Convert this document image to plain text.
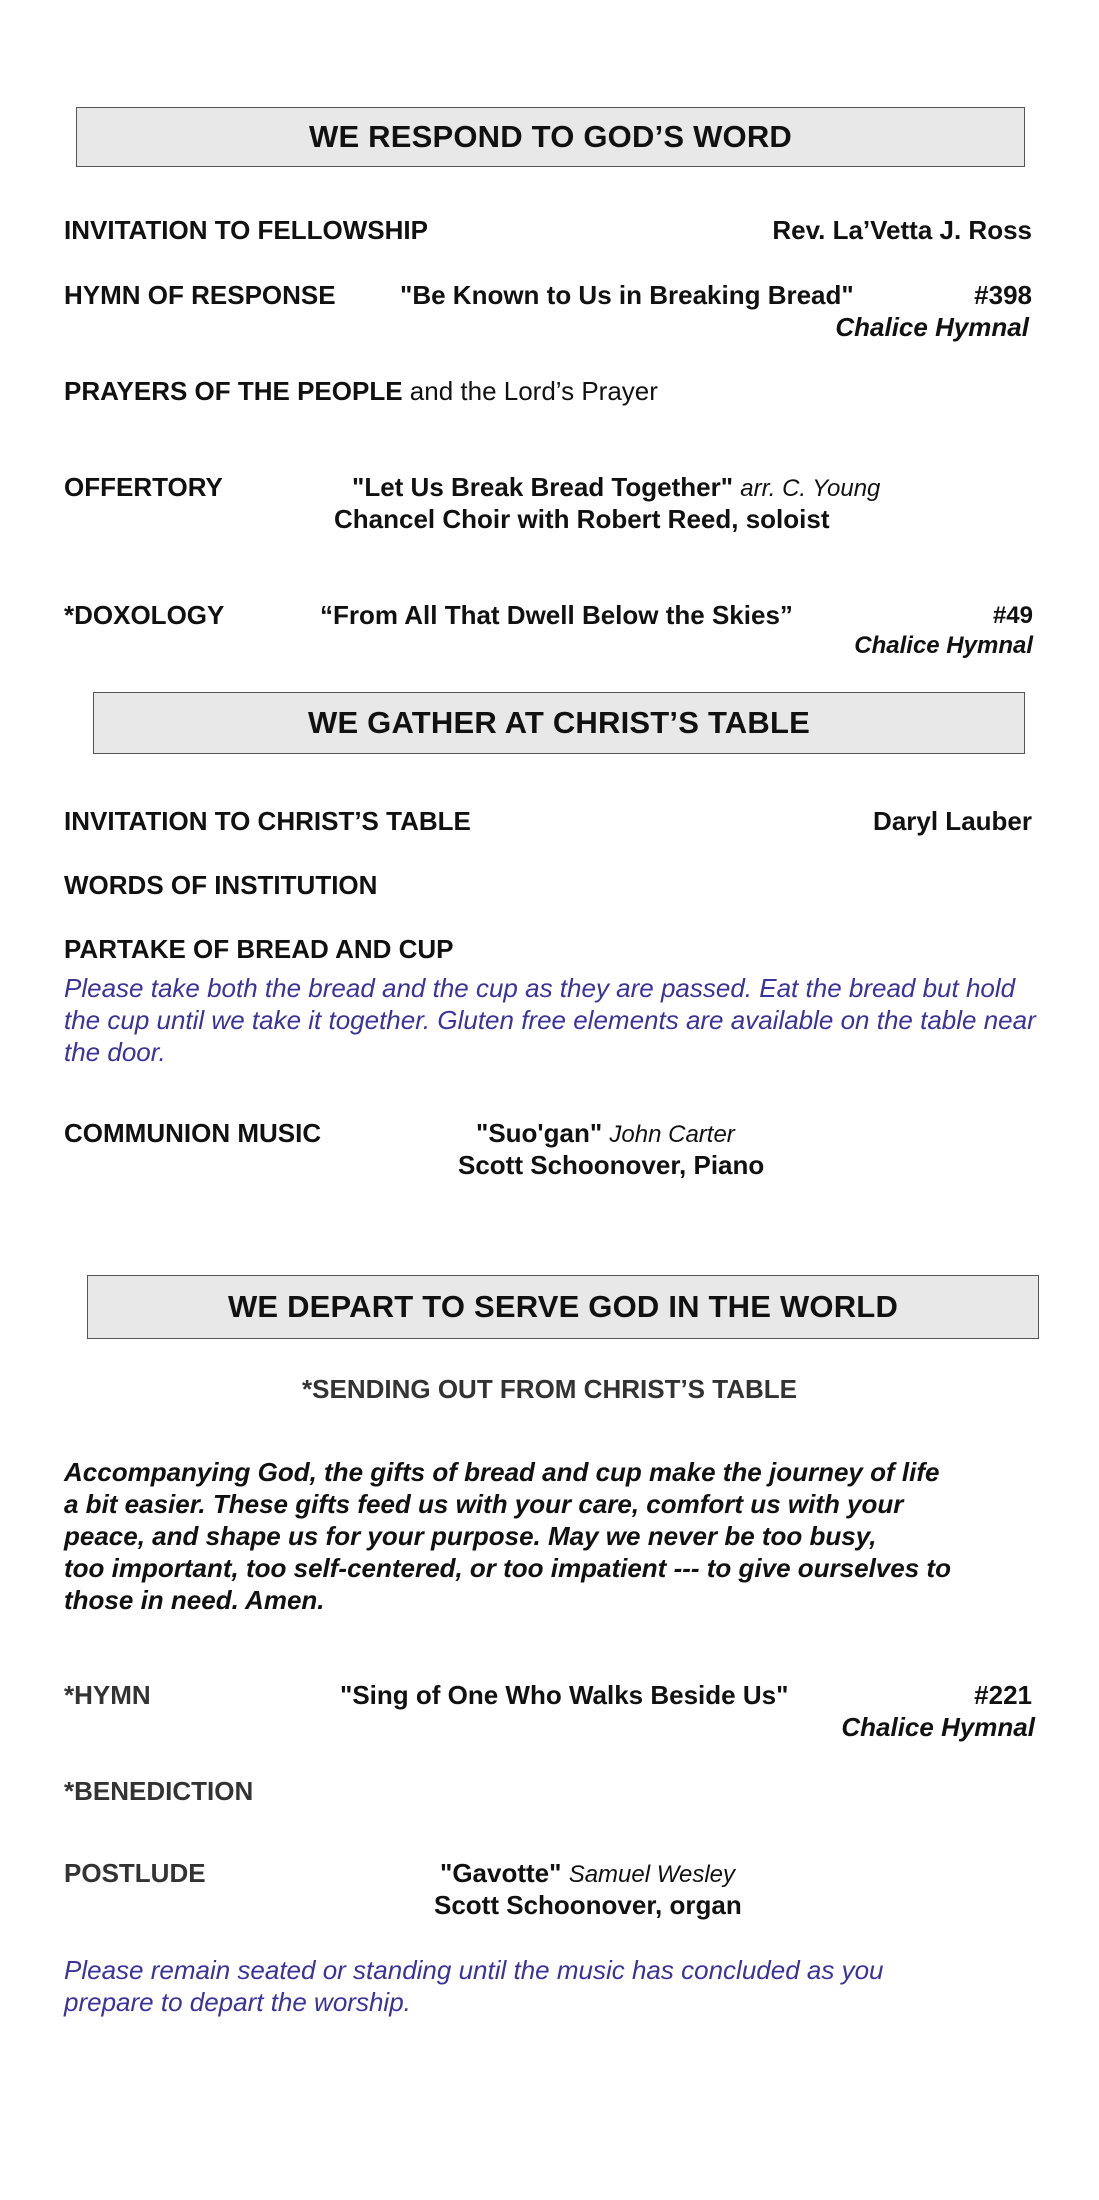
WE RESPOND TO GOD’S WORD
INVITATION TO FELLOWSHIP	Rev. La’Vetta J. Ross
HYMN OF RESPONSE "Be Known to Us in Breaking Bread"	#398
Chalice Hymnal
PRAYERS OF THE PEOPLE and the Lord’s Prayer
OFFERTORY	"Let Us Break Bread Together" arr. C. Young
Chancel Choir with Robert Reed, soloist
*DOXOLOGY	“From All That Dwell Below the Skies”	#49
Chalice Hymnal
WE GATHER AT CHRIST’S TABLE
INVITATION TO CHRIST’S TABLE	Daryl Lauber
WORDS OF INSTITUTION
PARTAKE OF BREAD AND CUP
Please take both the bread and the cup as they are passed. Eat the bread but hold the cup until we take it together. Gluten free elements are available on the table near the door.
COMMUNION MUSIC	"Suo'gan" John Carter
Scott Schoonover, Piano
WE DEPART TO SERVE GOD IN THE WORLD
*SENDING OUT FROM CHRIST’S TABLE
Accompanying God, the gifts of bread and cup make the journey of life
a bit easier. These gifts feed us with your care, comfort us with your
peace, and shape us for your purpose. May we never be too busy,
too important, too self-centered, or too impatient --- to give ourselves to
those in need. Amen.
*HYMN	"Sing of One Who Walks Beside Us"	#221
Chalice Hymnal
*BENEDICTION
POSTLUDE	"Gavotte" Samuel Wesley
Scott Schoonover, organ
Please remain seated or standing until the music has concluded as you
prepare to depart the worship.
